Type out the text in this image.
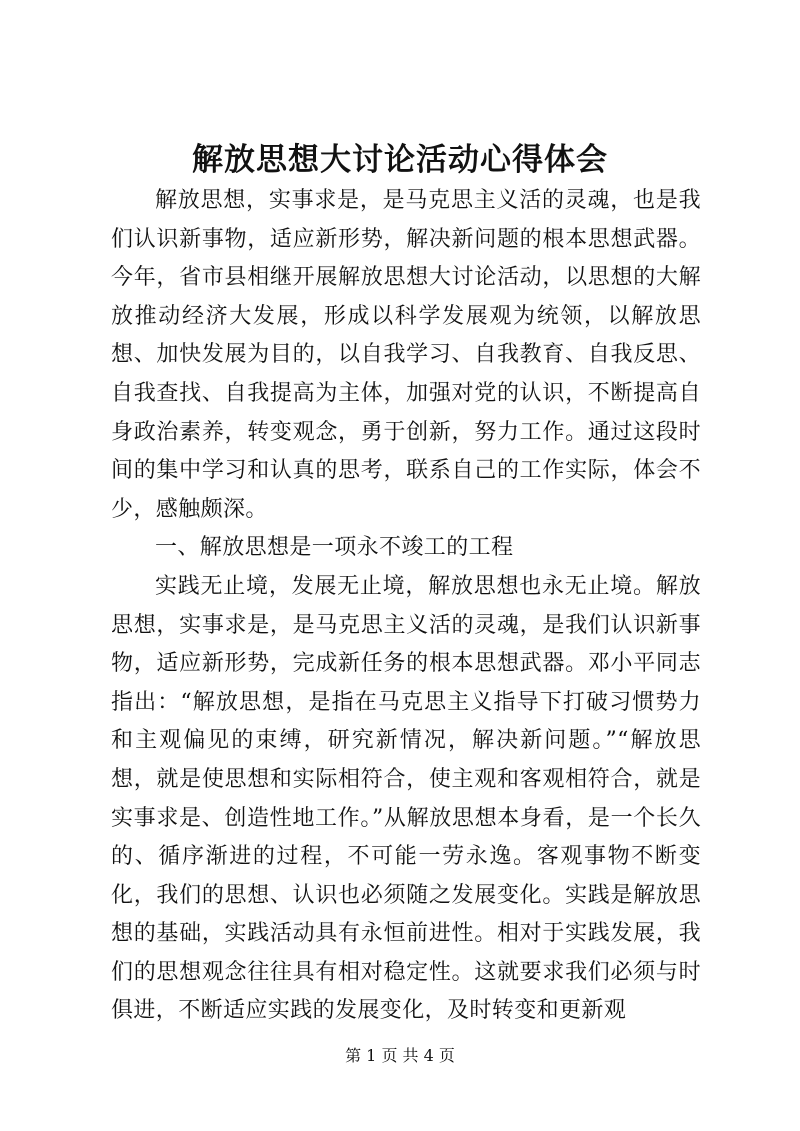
解放思想大讨论活动心得体会

解放思想，实事求是，是马克思主义活的灵魂，也是我们认识新事物，适应新形势，解决新问题的根本思想武器。今年，省市县相继开展解放思想大讨论活动，以思想的大解放推动经济大发展，形成以科学发展观为统领，以解放思想、加快发展为目的，以自我学习、自我教育、自我反思、自我查找、自我提高为主体，加强对党的认识，不断提高自身政治素养，转变观念，勇于创新，努力工作。通过这段时间的集中学习和认真的思考，联系自己的工作实际，体会不少，感触颇深。

一、解放思想是一项永不竣工的工程

实践无止境，发展无止境，解放思想也永无止境。解放思想，实事求是，是马克思主义活的灵魂，是我们认识新事物，适应新形势，完成新任务的根本思想武器。邓小平同志指出：“解放思想，是指在马克思主义指导下打破习惯势力和主观偏见的束缚，研究新情况，解决新问题。”“解放思想，就是使思想和实际相符合，使主观和客观相符合，就是实事求是、创造性地工作。”从解放思想本身看，是一个长久的、循序渐进的过程，不可能一劳永逸。客观事物不断变化，我们的思想、认识也必须随之发展变化。实践是解放思想的基础，实践活动具有永恒前进性。相对于实践发展，我们的思想观念往往具有相对稳定性。这就要求我们必须与时俱进，不断适应实践的发展变化，及时转变和更新观

第 1 页 共 4 页
